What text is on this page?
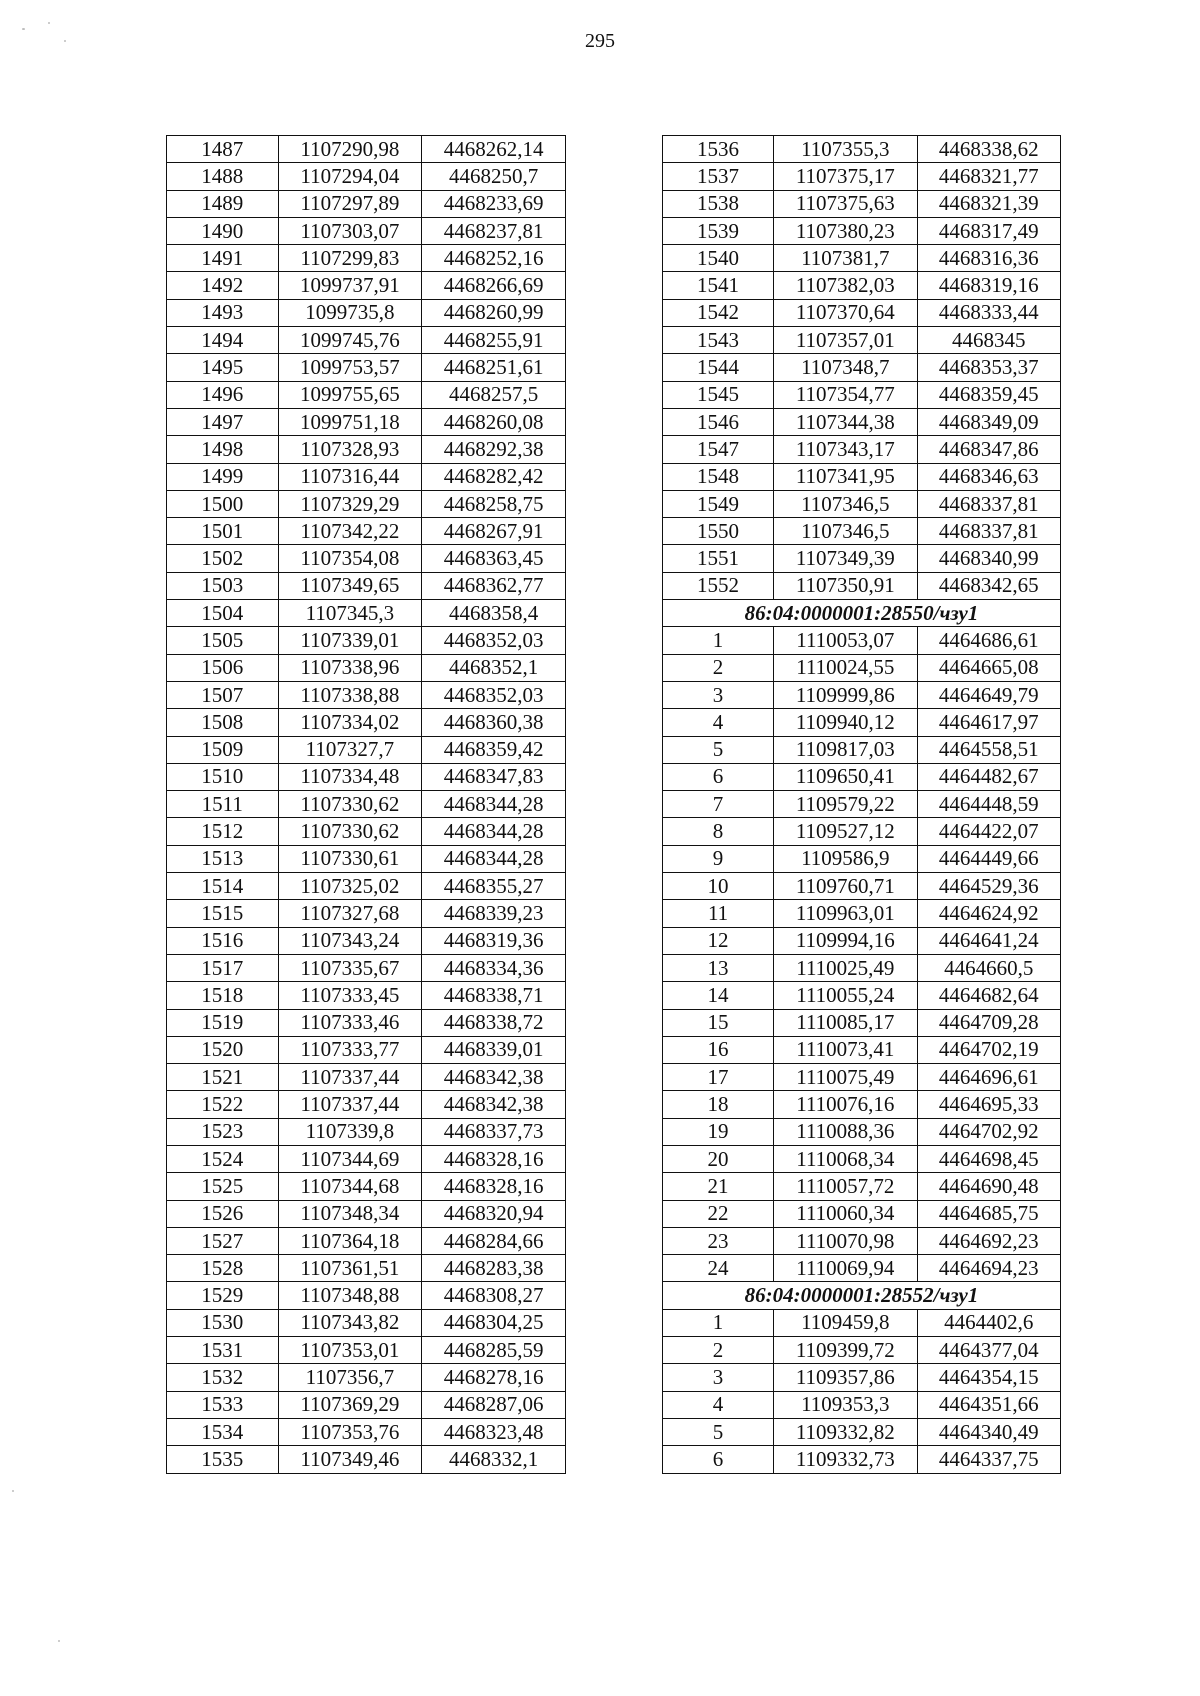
295
1487	1107290,98	4468262,14
1488	1107294,04	4468250,7
1489	1107297,89	4468233,69
1490	1107303,07	4468237,81
1491	1107299,83	4468252,16
1492	1099737,91	4468266,69
1493	1099735,8	4468260,99
1494	1099745,76	4468255,91
1495	1099753,57	4468251,61
1496	1099755,65	4468257,5
1497	1099751,18	4468260,08
1498	1107328,93	4468292,38
1499	1107316,44	4468282,42
1500	1107329,29	4468258,75
1501	1107342,22	4468267,91
1502	1107354,08	4468363,45
1503	1107349,65	4468362,77
1504	1107345,3	4468358,4
1505	1107339,01	4468352,03
1506	1107338,96	4468352,1
1507	1107338,88	4468352,03
1508	1107334,02	4468360,38
1509	1107327,7	4468359,42
1510	1107334,48	4468347,83
1511	1107330,62	4468344,28
1512	1107330,62	4468344,28
1513	1107330,61	4468344,28
1514	1107325,02	4468355,27
1515	1107327,68	4468339,23
1516	1107343,24	4468319,36
1517	1107335,67	4468334,36
1518	1107333,45	4468338,71
1519	1107333,46	4468338,72
1520	1107333,77	4468339,01
1521	1107337,44	4468342,38
1522	1107337,44	4468342,38
1523	1107339,8	4468337,73
1524	1107344,69	4468328,16
1525	1107344,68	4468328,16
1526	1107348,34	4468320,94
1527	1107364,18	4468284,66
1528	1107361,51	4468283,38
1529	1107348,88	4468308,27
1530	1107343,82	4468304,25
1531	1107353,01	4468285,59
1532	1107356,7	4468278,16
1533	1107369,29	4468287,06
1534	1107353,76	4468323,48
1535	1107349,46	4468332,1
1536	1107355,3	4468338,62
1537	1107375,17	4468321,77
1538	1107375,63	4468321,39
1539	1107380,23	4468317,49
1540	1107381,7	4468316,36
1541	1107382,03	4468319,16
1542	1107370,64	4468333,44
1543	1107357,01	4468345
1544	1107348,7	4468353,37
1545	1107354,77	4468359,45
1546	1107344,38	4468349,09
1547	1107343,17	4468347,86
1548	1107341,95	4468346,63
1549	1107346,5	4468337,81
1550	1107346,5	4468337,81
1551	1107349,39	4468340,99
1552	1107350,91	4468342,65
86:04:0000001:28550/чзу1		
1	1110053,07	4464686,61
2	1110024,55	4464665,08
3	1109999,86	4464649,79
4	1109940,12	4464617,97
5	1109817,03	4464558,51
6	1109650,41	4464482,67
7	1109579,22	4464448,59
8	1109527,12	4464422,07
9	1109586,9	4464449,66
10	1109760,71	4464529,36
11	1109963,01	4464624,92
12	1109994,16	4464641,24
13	1110025,49	4464660,5
14	1110055,24	4464682,64
15	1110085,17	4464709,28
16	1110073,41	4464702,19
17	1110075,49	4464696,61
18	1110076,16	4464695,33
19	1110088,36	4464702,92
20	1110068,34	4464698,45
21	1110057,72	4464690,48
22	1110060,34	4464685,75
23	1110070,98	4464692,23
24	1110069,94	4464694,23
86:04:0000001:28552/чзу1		
1	1109459,8	4464402,6
2	1109399,72	4464377,04
3	1109357,86	4464354,15
4	1109353,3	4464351,66
5	1109332,82	4464340,49
6	1109332,73	4464337,75
